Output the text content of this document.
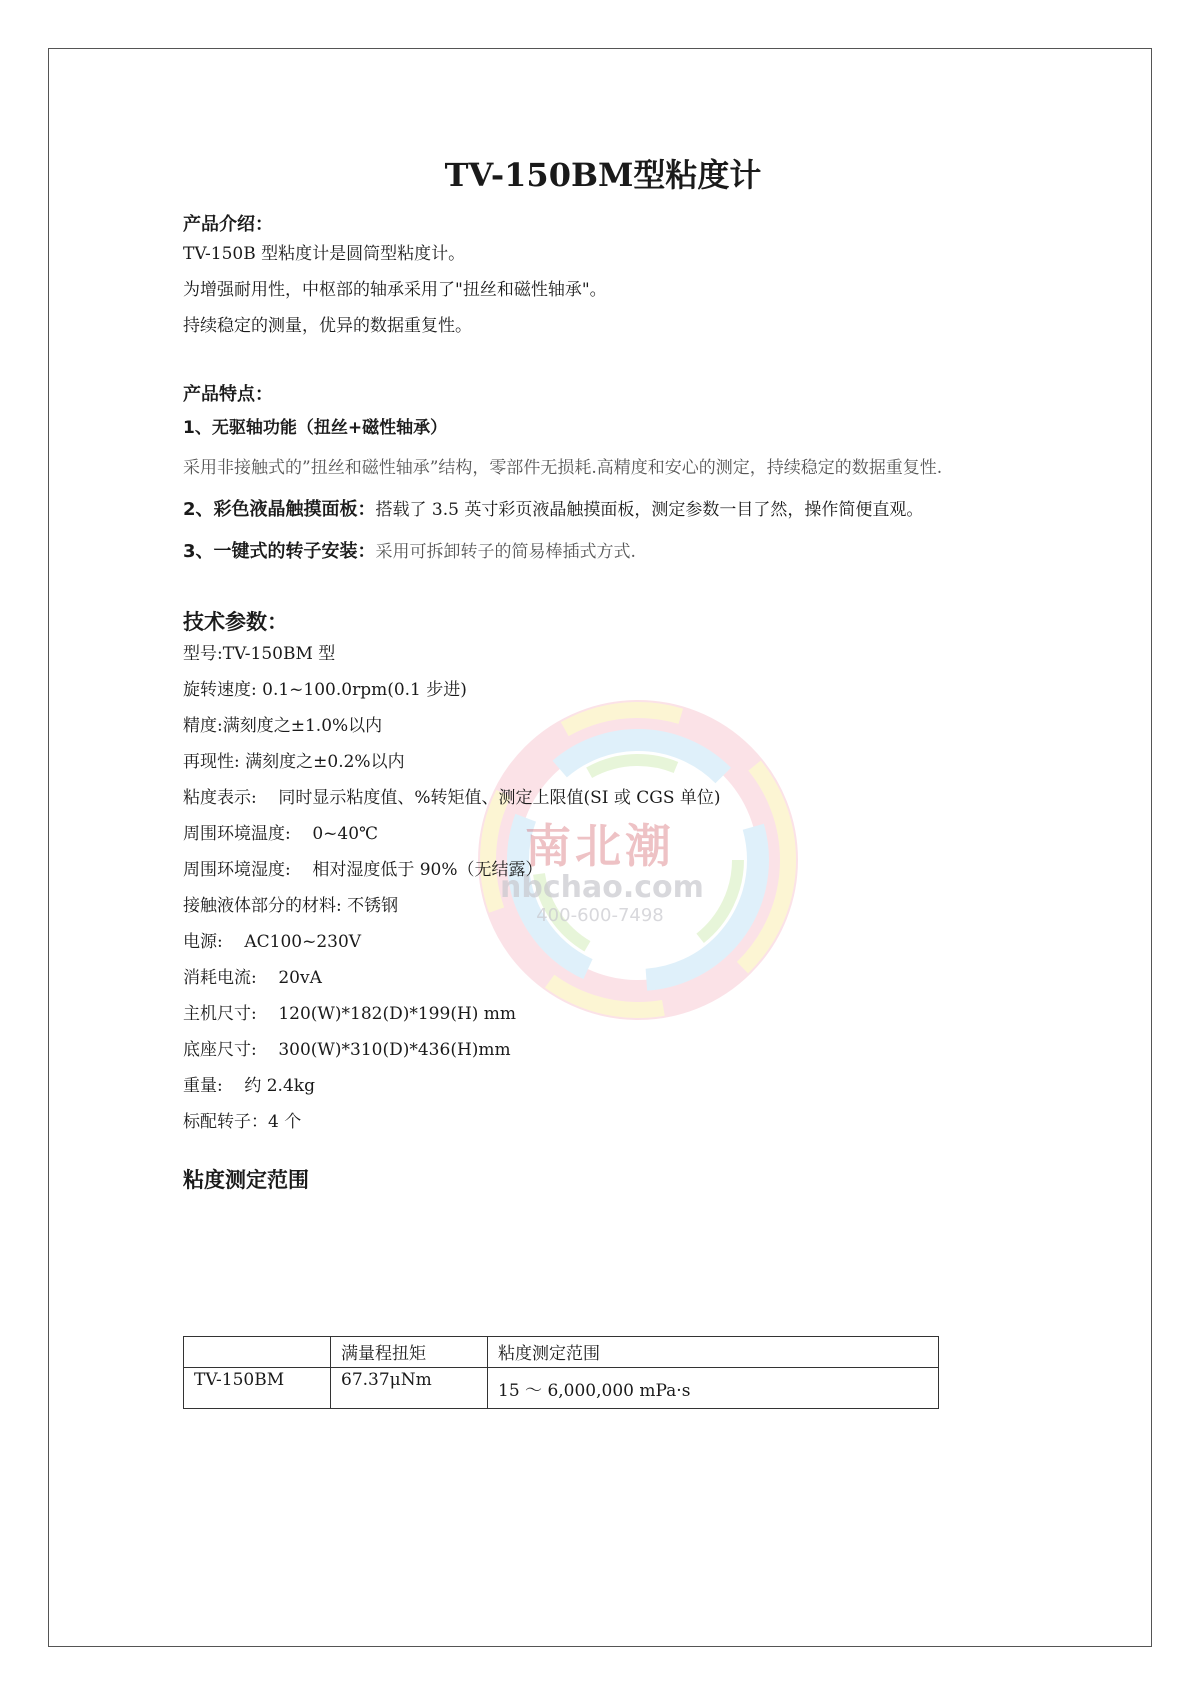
南北潮
nbchao.com
400-600-7498
TV-150BM型粘度计
产品介绍：
TV-150B 型粘度计是圆筒型粘度计。
为增强耐用性，中枢部的轴承采用了"扭丝和磁性轴承"。
持续稳定的测量，优异的数据重复性。
产品特点：
1、无驱轴功能（扭丝+磁性轴承）
采用非接触式的”扭丝和磁性轴承”结构，零部件无损耗.高精度和安心的测定，持续稳定的数据重复性.
2、彩色液晶触摸面板：搭载了 3.5 英寸彩页液晶触摸面板，测定参数一目了然，操作简便直观。
3、一键式的转子安装：采用可拆卸转子的简易棒插式方式.
技术参数：
型号:TV-150BM 型
旋转速度: 0.1~100.0rpm(0.1 步进)
精度:满刻度之±1.0%以内
再现性: 满刻度之±0.2%以内
粘度表示:    同时显示粘度值、%转矩值、测定上限值(SI 或 CGS 单位)
周围环境温度:    0~40℃
周围环境湿度:    相对湿度低于 90%（无结露）
接触液体部分的材料: 不锈钢
电源:    AC100~230V
消耗电流:    20vA
主机尺寸:    120(W)*182(D)*199(H) mm
底座尺寸:    300(W)*310(D)*436(H)mm
重量:    约 2.4kg
标配转子：4 个
粘度测定范围
	满量程扭矩	粘度测定范围
TV-150BM	67.37μNm	15 ～ 6,000,000 mPa·s
